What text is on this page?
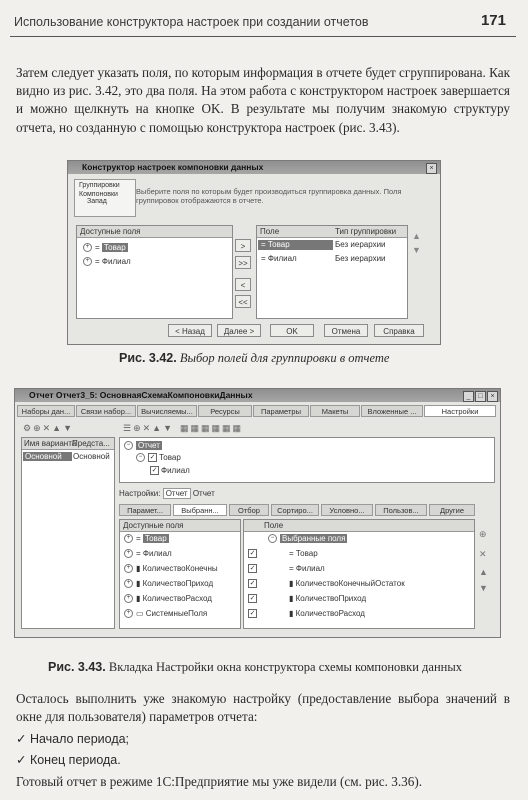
Использование конструктора настроек при создании отчетов	171
Затем следует указать поля, по которым информация в отчете будет сгруппирована. Как видно из рис. 3.42, это два поля. На этом работа с конструктором настроек завершается и можно щелкнуть на кнопке OK. В результате мы получим знакомую структуру отчета, но созданную с помощью конструктора настроек (рис. 3.43).
Конструктор настроек компоновки данных	×
Группировки
Компоновки
Запад
Выберите поля по которым будет производиться группировка данных. Поля группировок отображаются в отчете.
Доступные поля
+ = Товар
+ = Филиал
>
>>
<
<<
Поле	Тип группировки
= Товар	Без иерархии
= Филиал	Без иерархии
▲
▼
< Назад	Далее >	OK	Отмена	Справка
Рис. 3.42. Выбор полей для группировки в отчете
Отчет Отчет3_5: ОсновнаяСхемаКомпоновкиДанных	_	□	×
Наборы дан...	Связи набор...	Вычисляемы...	Ресурсы	Параметры	Макеты	Вложенные ...	Настройки
⚙⊕✕▲▼
Имя варианта
Предста...
Основной	Основной
☰⊕✕▲▼ ▦▦▦▦▦▦
− Отчет
− ✓ Товар
✓ Филиал
Настройки: Отчет Отчет
Парамет...	Выбранн...	Отбор	Сортиро...	Условно...	Пользов...	Другие
Доступные поля
+ = Товар
+ = Филиал
+ ▮ КоличествоКонечны
+ ▮ КоличествоПриход
+ ▮ КоличествоРасход
+ ▭ СистемныеПоля
Поле
− Выбранные поля
✓	= Товар
✓	= Филиал
✓	▮ КоличествоКонечныйОстаток
✓	▮ КоличествоПриход
✓	▮ КоличествоРасход
⊕
✕
▲
▼
Рис. 3.43. Вкладка Настройки окна конструктора схемы компоновки данных
Осталось выполнить уже знакомую настройку (предоставление выбора значений в окне для пользователя) параметров отчета:
✓ Начало периода;
✓ Конец периода.
Готовый отчет в режиме 1С:Предприятие мы уже видели (см. рис. 3.36).
